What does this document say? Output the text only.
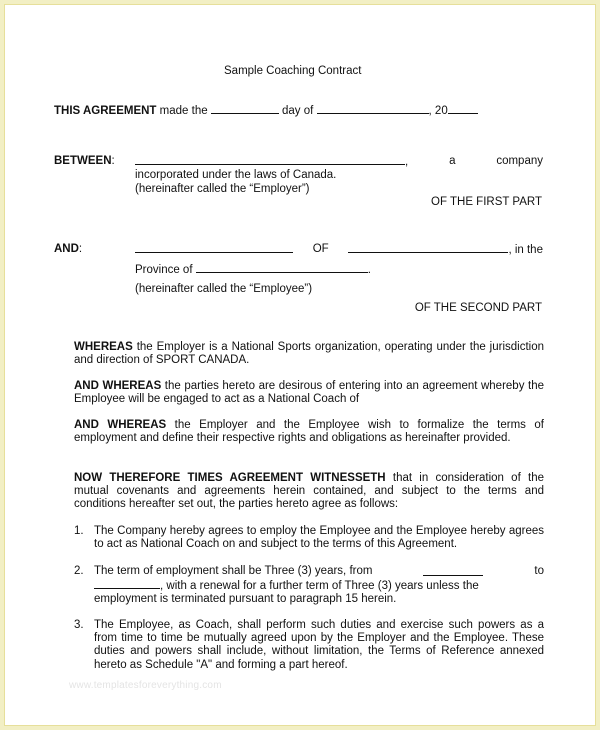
Sample Coaching Contract
THIS AGREEMENT made the	day of	, 20
BETWEEN:	,	a	company
incorporated under the laws of Canada.
(hereinafter called the “Employer”)
OF THE FIRST PART
AND:	OF	, in the
Province of	.
(hereinafter called the “Employee”)
OF THE SECOND PART
WHEREAS the Employer is a National Sports organization, operating under the jurisdiction and direction of SPORT CANADA.
AND WHEREAS the parties hereto are desirous of entering into an agreement whereby the Employee will be engaged to act as a National Coach of
AND WHEREAS the Employer and the Employee wish to formalize the terms of employment and define their respective rights and obligations as hereinafter provided.
NOW THEREFORE TIMES AGREEMENT WITNESSETH that in consideration of the mutual covenants and agreements herein contained, and subject to the terms and conditions hereafter set out, the parties hereto agree as follows:
1. The Company hereby agrees to employ the Employee and the Employee hereby agrees to act as National Coach on and subject to the terms of this Agreement.
2. The term of employment shall be Three (3) years, from	to
, with a renewal for a further term of Three (3) years unless the
employment is terminated pursuant to paragraph 15 herein.
3. The Employee, as Coach, shall perform such duties and exercise such powers as a from time to time be mutually agreed upon by the Employer and the Employee. These duties and powers shall include, without limitation, the Terms of Reference annexed hereto as Schedule "A" and forming a part hereof.
www.templatesforeverything.com
